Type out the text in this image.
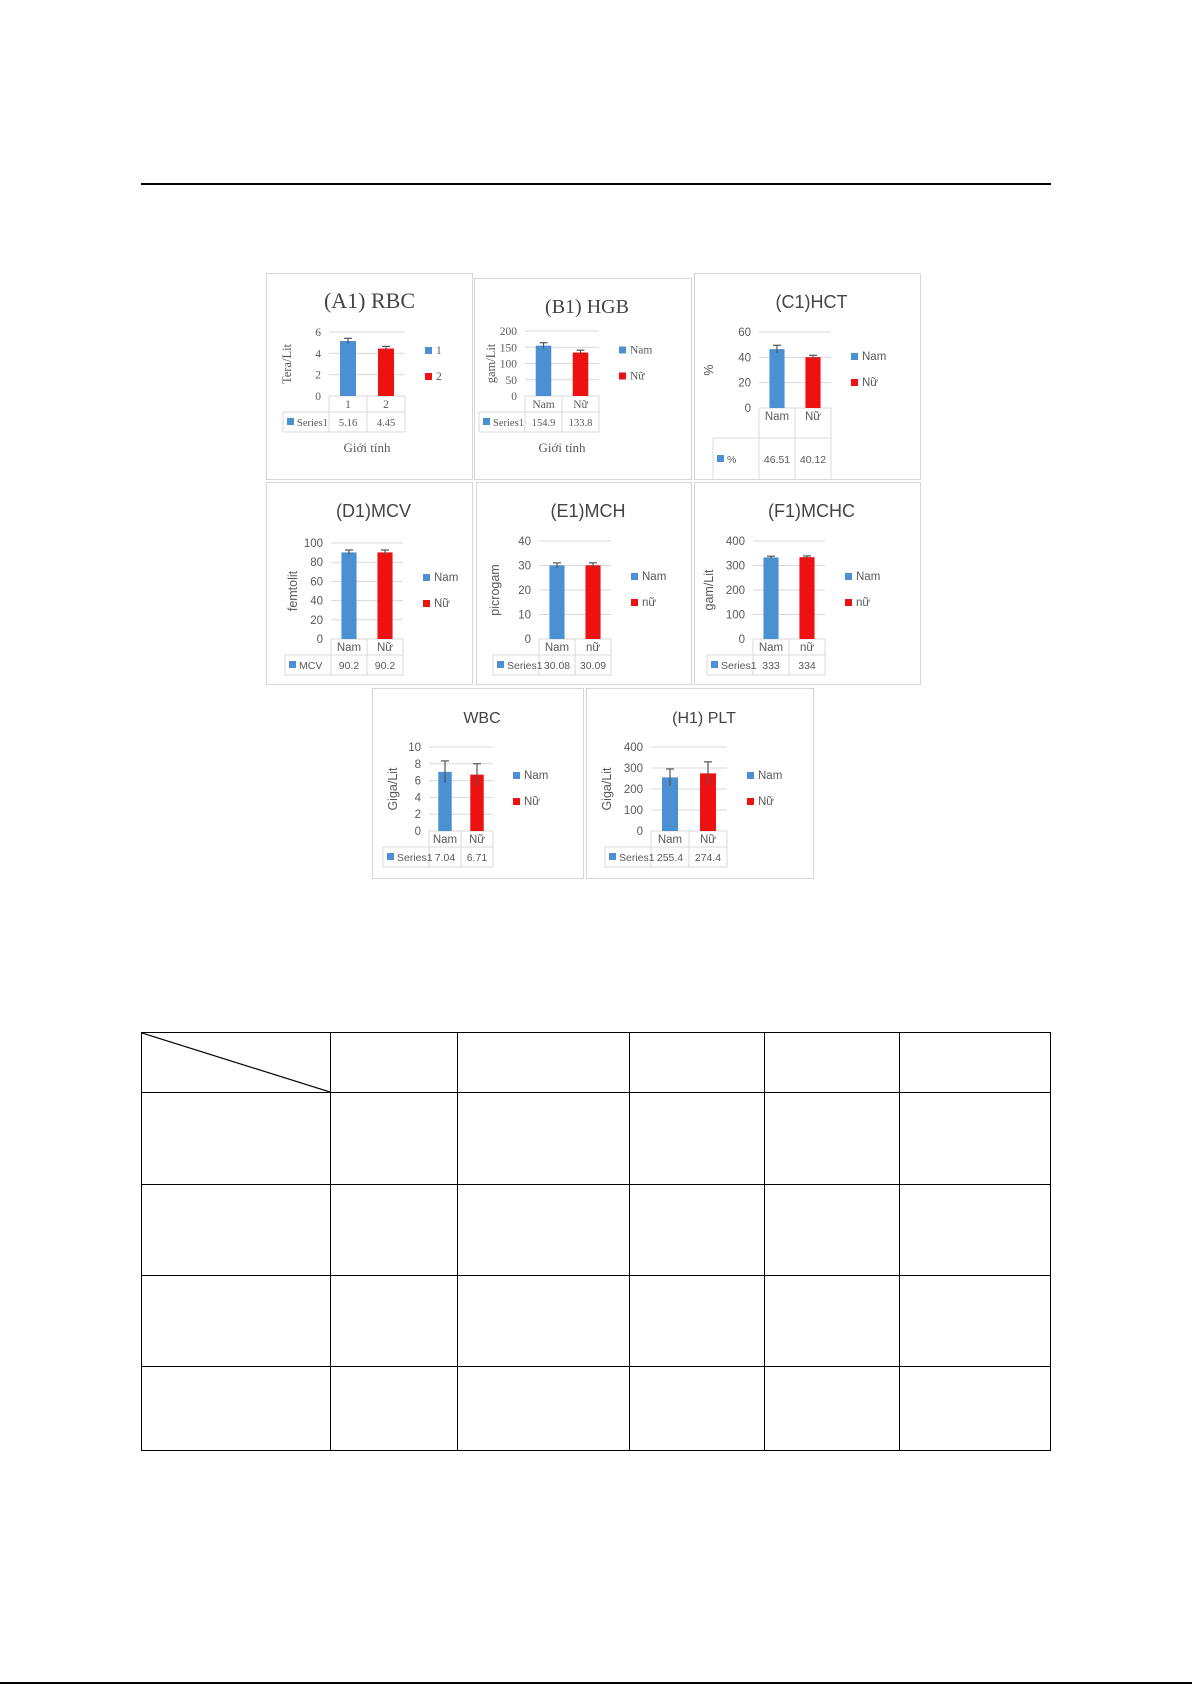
(A1) RBC
0
2
4
6
Tera/Lit
1	2
Series1 5.16 4.45
Giới tính
1
2
(B1) HGB
0
50
100
150
200
gam/Lit
Nam Nữ
Series1 154.9 133.8
Giới tính
Nam
Nữ
(C1)HCT
0
20
40
60
%
Nam Nữ
%	46.51 40.12
Nam
Nữ
(D1)MCV
0
20
40
60
80
100
femtolit
Nam Nữ
MCV 90.2 90.2
Nam
Nữ
(E1)MCH
0
10
20
30
40
picrogam
Nam nữ
Series1 30.08 30.09
Nam
nữ
(F1)MCHC
0
100
200
300
400
gam/Lit
Nam nữ
Series1 333 334
Nam
nữ
WBC
0
2
4
6
8
10
Giga/Lit
Nam Nữ
Series1 7.04 6.71
Nam
Nữ
(H1) PLT
0
100
200
300
400
Giga/Lit
Nam Nữ
Series1 255.4 274.4
Nam
Nữ
